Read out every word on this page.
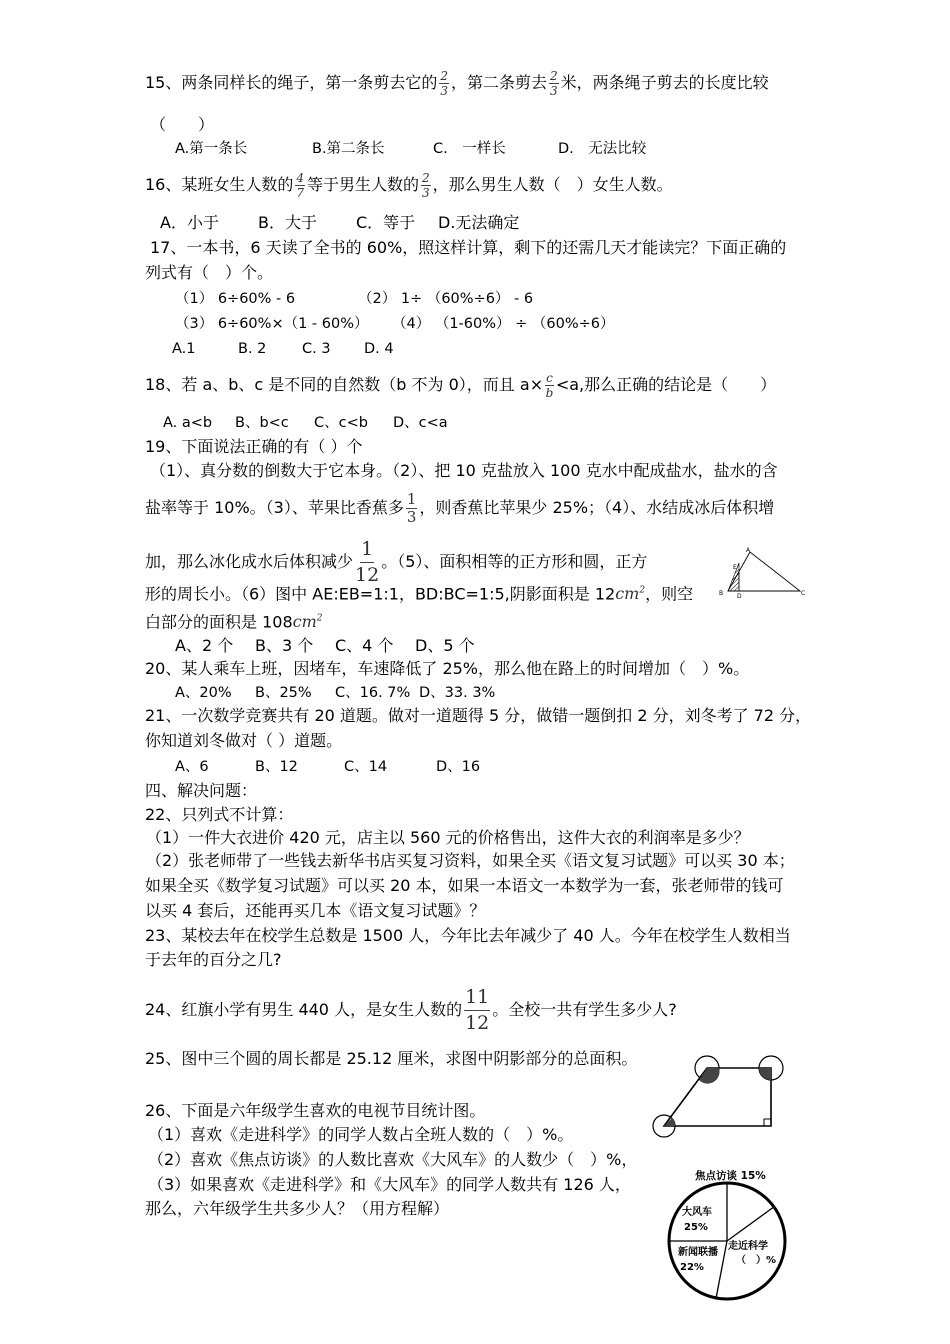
15、两条同样长的绳子，第一条剪去它的 $\frac{2}{3}$ ，第二条剪去 $\frac{2}{3}$ 米，两条绳子剪去的长度比较
（　　）
A.第一条长	B.第二条长	C.　一样长	D.　无法比较
16、某班女生人数的 $\frac{4}{7}$ 等于男生人数的 $\frac{2}{3}$ ，那么男生人数（　）女生人数。
A．小于 B．大于 C．等于 D.无法确定
17、一本书，6 天读了全书的 60%，照这样计算，剩下的还需几天才能读完？下面正确的
列式有（　）个。
（1） 6÷60% - 6	（2） 1÷ （60%÷6） - 6
（3） 6÷60%×（1 - 60%） （4） （1-60%） ÷ （60%÷6）
A.1	B. 2 C. 3 D. 4
18、若 a、b、c 是不同的自然数（b 不为 0），而且 $a\times \frac{c}{b} <a$,那么正确的结论是（　　）
A. a<b B、b<c C、c<b D、c<a
19、下面说法正确的有（ ）个
（1）、真分数的倒数大于它本身。（2）、把 10 克盐放入 100 克水中配成盐水，盐水的含
盐率等于 10%。（3）、苹果比香蕉多 $\frac{1}{3}$ ，则香蕉比苹果少 25%；（4）、水结成冰后体积增
加，那么冰化成水后体积减少 $\frac{1}{12}$ 。（5）、面积相等的正方形和圆，正方
形的周长小。（6）图中 AE:EB=1:1，BD:BC=1:5,阴影面积是 $12cm^2$，则空
白部分的面积是 $108cm^2$
A、2 个 B、3 个 C、4 个 D、5 个
A
E
B D	C
20、某人乘车上班，因堵车，车速降低了 25%，那么他在路上的时间增加（　）%。
A、20% B、25% C、16. 7% D、33. 3%
21、一次数学竞赛共有 20 道题。做对一道题得 5 分，做错一题倒扣 2 分，刘冬考了 72 分，
你知道刘冬做对（ ）道题。
A、6	B、12	C、14	D、16
四、解决问题：
22、只列式不计算：
（1）一件大衣进价 420 元，店主以 560 元的价格售出，这件大衣的利润率是多少？
（2）张老师带了一些钱去新华书店买复习资料，如果全买《语文复习试题》可以买 30 本；
如果全买《数学复习试题》可以买 20 本，如果一本语文一本数学为一套，张老师带的钱可
以买 4 套后，还能再买几本《语文复习试题》？
23、某校去年在校学生总数是 1500 人，今年比去年减少了 40 人。今年在校学生人数相当
于去年的百分之几?
24、红旗小学有男生 440 人，是女生人数的 $\frac{11}{12}$ 。全校一共有学生多少人?
25、图中三个圆的周长都是 25.12 厘米，求图中阴影部分的总面积。
26、下面是六年级学生喜欢的电视节目统计图。
（1）喜欢《走进科学》的同学人数占全班人数的（　）%。
（2）喜欢《焦点访谈》的人数比喜欢《大风车》的人数少（　）%，
（3）如果喜欢《走进科学》和《大风车》的同学人数共有 126 人，
那么，六年级学生共多少人？（用方程解）
焦点访谈 15%
走近科学
（　）%
新闻联播
22%
大风车
25%
